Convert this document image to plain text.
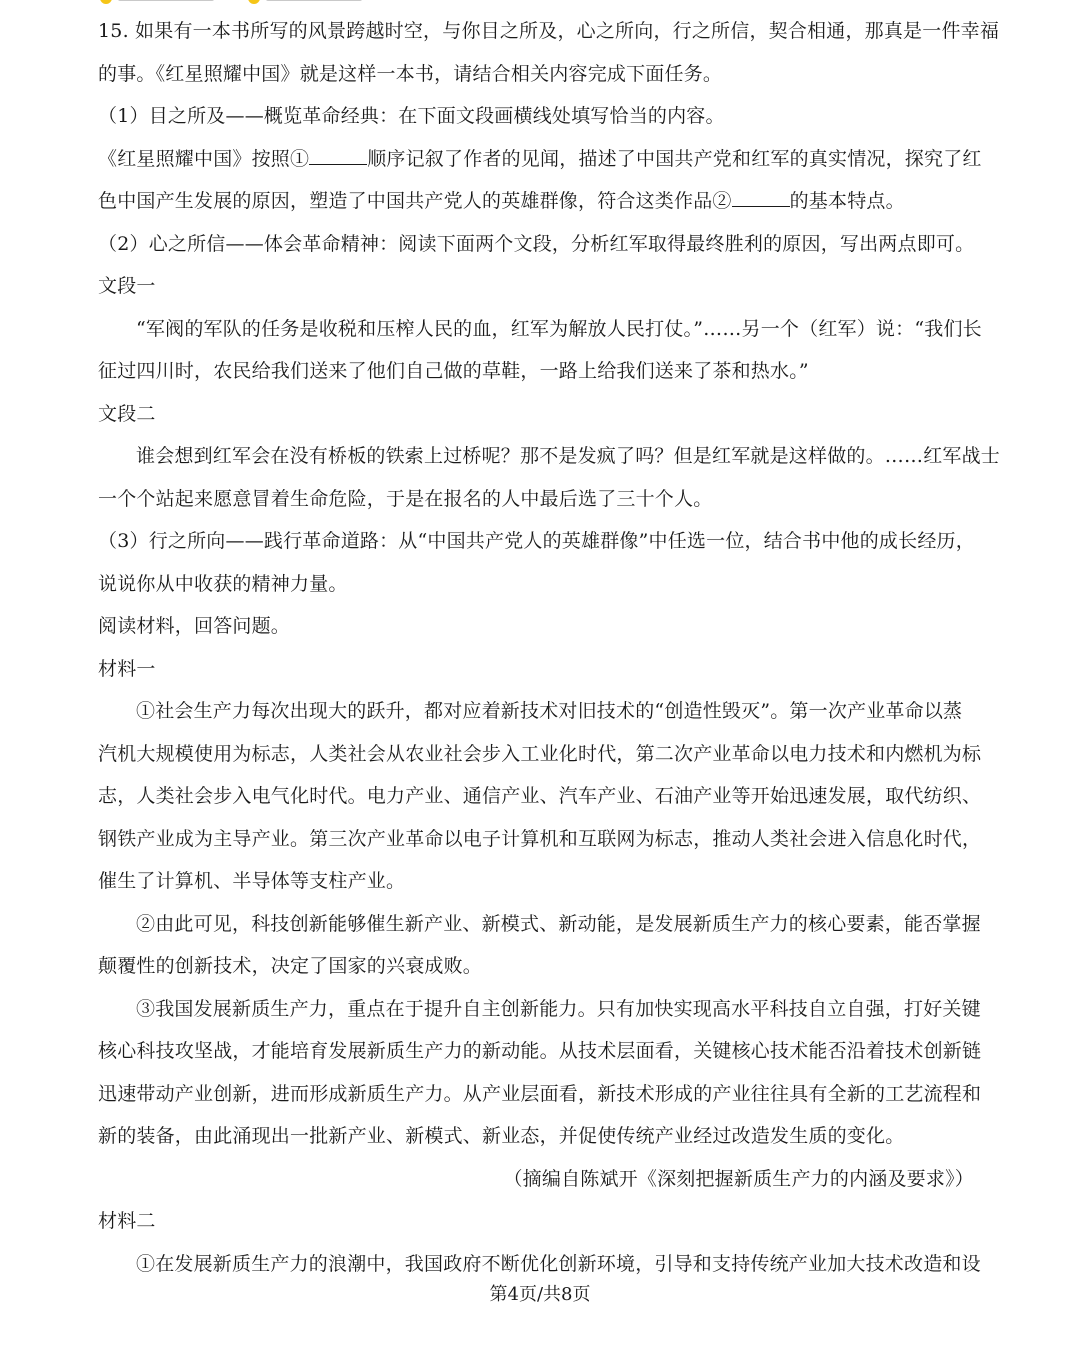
15. 如果有一本书所写的风景跨越时空，与你目之所及，心之所向，行之所信，契合相通，那真是一件幸福
的事。《红星照耀中国》就是这样一本书，请结合相关内容完成下面任务。
（1）目之所及——概览革命经典：在下面文段画横线处填写恰当的内容。
《红星照耀中国》按照①	顺序记叙了作者的见闻，描述了中国共产党和红军的真实情况，探究了红
色中国产生发展的原因，塑造了中国共产党人的英雄群像，符合这类作品②	的基本特点。
（2）心之所信——体会革命精神：阅读下面两个文段，分析红军取得最终胜利的原因，写出两点即可。
文段一
“军阀的军队的任务是收税和压榨人民的血，红军为解放人民打仗。”……另一个（红军）说：“我们长
征过四川时，农民给我们送来了他们自己做的草鞋，一路上给我们送来了茶和热水。”
文段二
谁会想到红军会在没有桥板的铁索上过桥呢？那不是发疯了吗？但是红军就是这样做的。……红军战士
一个个站起来愿意冒着生命危险，于是在报名的人中最后选了三十个人。
（3）行之所向——践行革命道路：从“中国共产党人的英雄群像”中任选一位，结合书中他的成长经历，
说说你从中收获的精神力量。
阅读材料，回答问题。
材料一
①社会生产力每次出现大的跃升，都对应着新技术对旧技术的“创造性毁灭”。第一次产业革命以蒸
汽机大规模使用为标志，人类社会从农业社会步入工业化时代，第二次产业革命以电力技术和内燃机为标
志，人类社会步入电气化时代。电力产业、通信产业、汽车产业、石油产业等开始迅速发展，取代纺织、
钢铁产业成为主导产业。第三次产业革命以电子计算机和互联网为标志，推动人类社会进入信息化时代，
催生了计算机、半导体等支柱产业。
②由此可见，科技创新能够催生新产业、新模式、新动能，是发展新质生产力的核心要素，能否掌握
颠覆性的创新技术，决定了国家的兴衰成败。
③我国发展新质生产力，重点在于提升自主创新能力。只有加快实现高水平科技自立自强，打好关键
核心科技攻坚战，才能培育发展新质生产力的新动能。从技术层面看，关键核心技术能否沿着技术创新链
迅速带动产业创新，进而形成新质生产力。从产业层面看，新技术形成的产业往往具有全新的工艺流程和
新的装备，由此涌现出一批新产业、新模式、新业态，并促使传统产业经过改造发生质的变化。
（摘编自陈斌开《深刻把握新质生产力的内涵及要求》）
材料二
①在发展新质生产力的浪潮中，我国政府不断优化创新环境，引导和支持传统产业加大技术改造和设
第4页/共8页
